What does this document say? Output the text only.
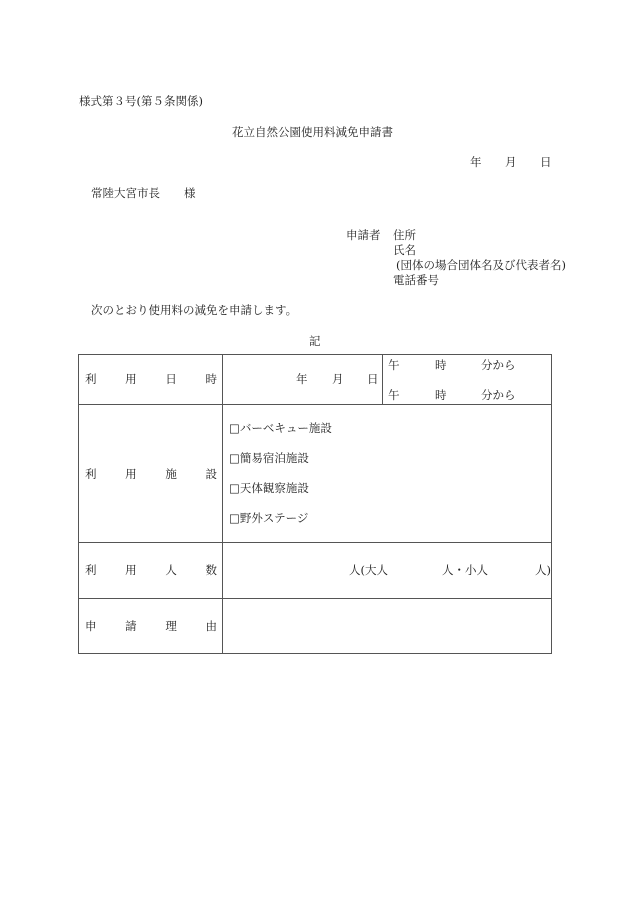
様式第３号(第５条関係)
花立自然公園使用料減免申請書
年 月 日
常陸大宮市長 様
申請者 住所
氏名
(団体の場合団体名及び代表者名)
電話番号
次のとおり使用料の減免を申請します。
記
利 用 日 時	年 月 日
午	時	分から
午	時	分から
利 用 施 設
□バーベキュー施設
□簡易宿泊施設
□天体観察施設
□野外ステージ
利 用 人 数	人(大人	人・小人	人)
申 請 理 由
